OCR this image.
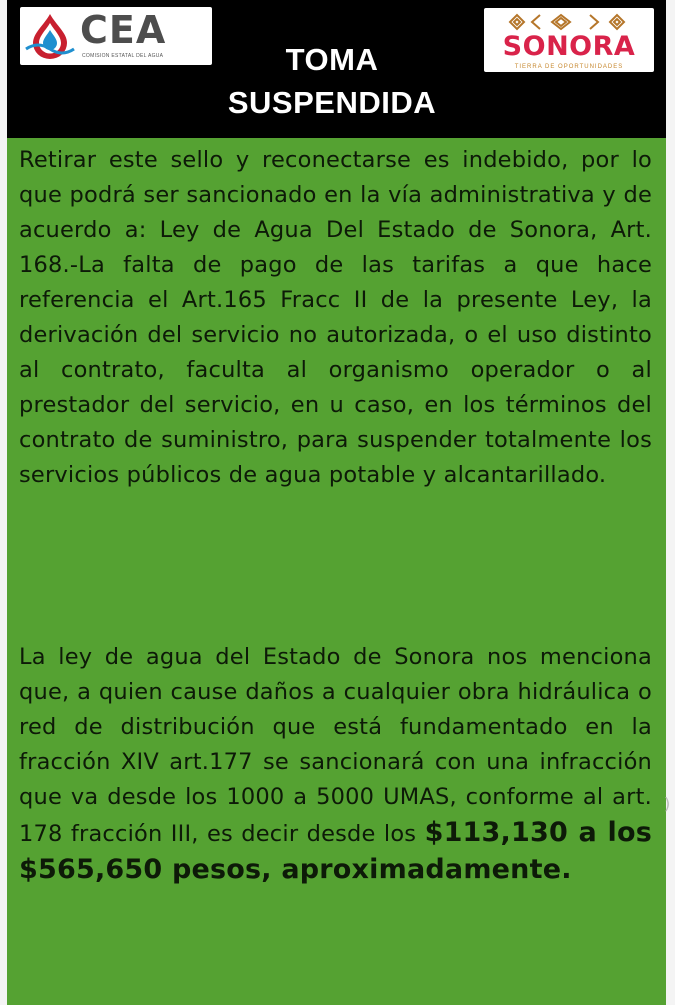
CEA
COMISIÓN ESTATAL DEL AGUA	TOMA
SUSPENDIDA
SONORA
TIERRA DE OPORTUNIDADES

Retirar este sello y reconectarse es indebido, por lo que podrá ser sancionado en la vía administrativa y de acuerdo a: Ley de Agua Del Estado de Sonora, Art. 168.-La falta de pago de las tarifas a que hace referencia el Art.165 Fracc II de la presente Ley, la derivación del servicio no autorizada, o el uso distinto al contrato, faculta al organismo operador o al prestador del servicio, en u caso, en los términos del contrato de suministro, para suspender totalmente los servicios públicos de agua potable y alcantarillado.

La ley de agua del Estado de Sonora nos menciona que, a quien cause daños a cualquier obra hidráulica o red de distribución que está fundamentado en la fracción XIV art.177 se sancionará con una infracción que va desde los 1000 a 5000 UMAS, conforme al art. 178 fracción III, es decir desde los $113,130 a los $565,650 pesos, aproximadamente.

)
